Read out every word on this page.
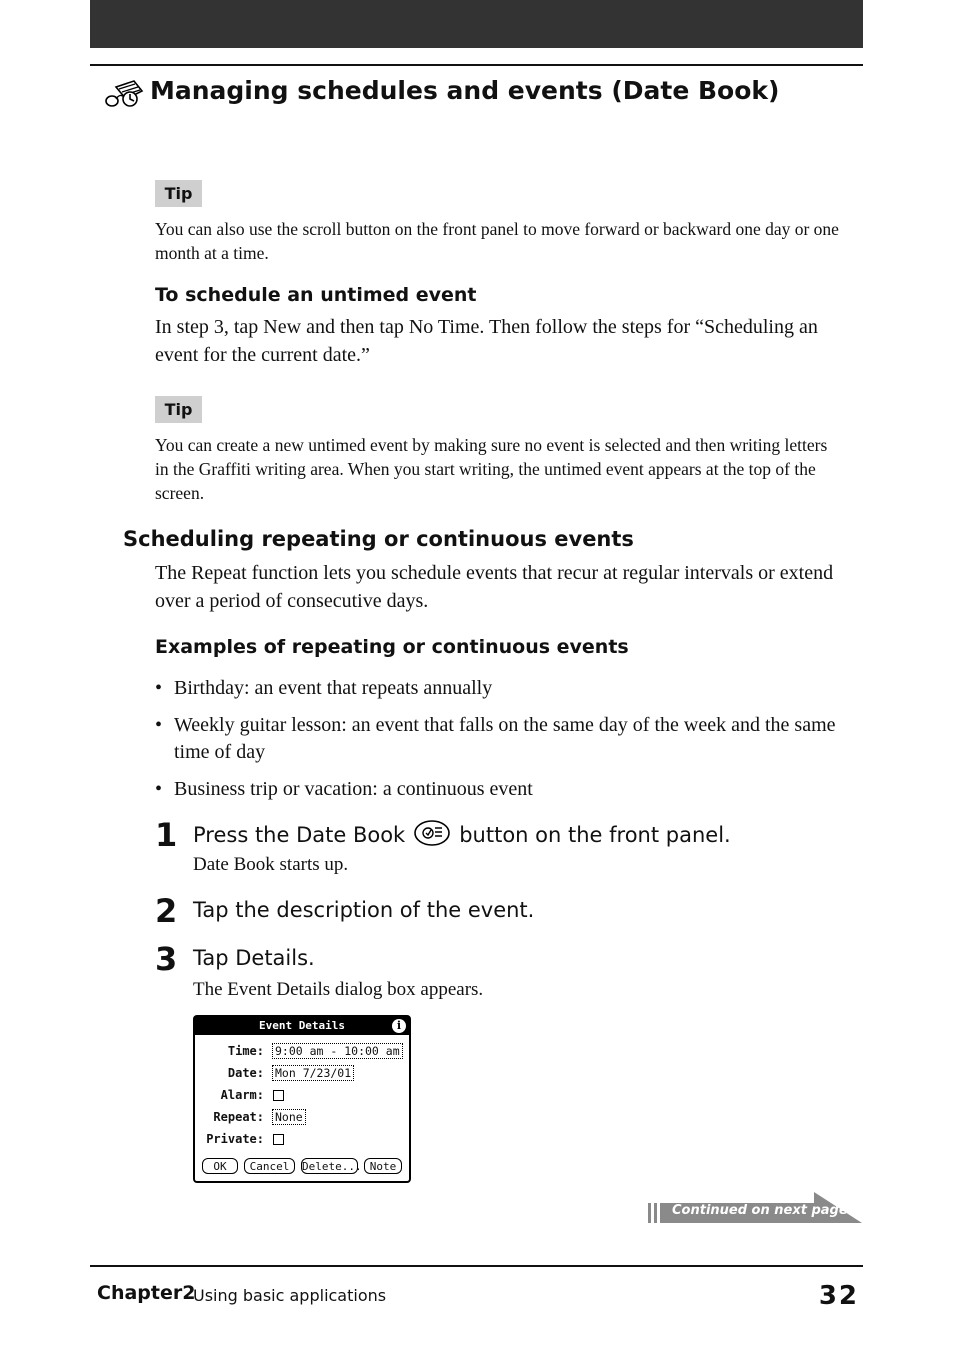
Managing schedules and events (Date Book)
Tip
You can also use the scroll button on the front panel to move forward or backward one day or one month at a time.
To schedule an untimed event
In step 3, tap New and then tap No Time. Then follow the steps for “Scheduling an event for the current date.”
Tip
You can create a new untimed event by making sure no event is selected and then writing letters in the Graffiti writing area. When you start writing, the untimed event appears at the top of the screen.
Scheduling repeating or continuous events
The Repeat function lets you schedule events that recur at regular intervals or extend over a period of consecutive days.
Examples of repeating or continuous events
• Birthday: an event that repeats annually
• Weekly guitar lesson: an event that falls on the same day of the week and the same time of day
• Business trip or vacation: a continuous event
1 Press the Date Book	button on the front panel.
Date Book starts up.
2 Tap the description of the event.
3 Tap Details.
The Event Details dialog box appears.
Event Details	i
Time: 9:00 am - 10:00 am
Date: Mon 7/23/01
Alarm:
Repeat: None
Private:
OK	Cancel	Delete... Note
Continued on next page
Chapter2
Using basic applications	32
